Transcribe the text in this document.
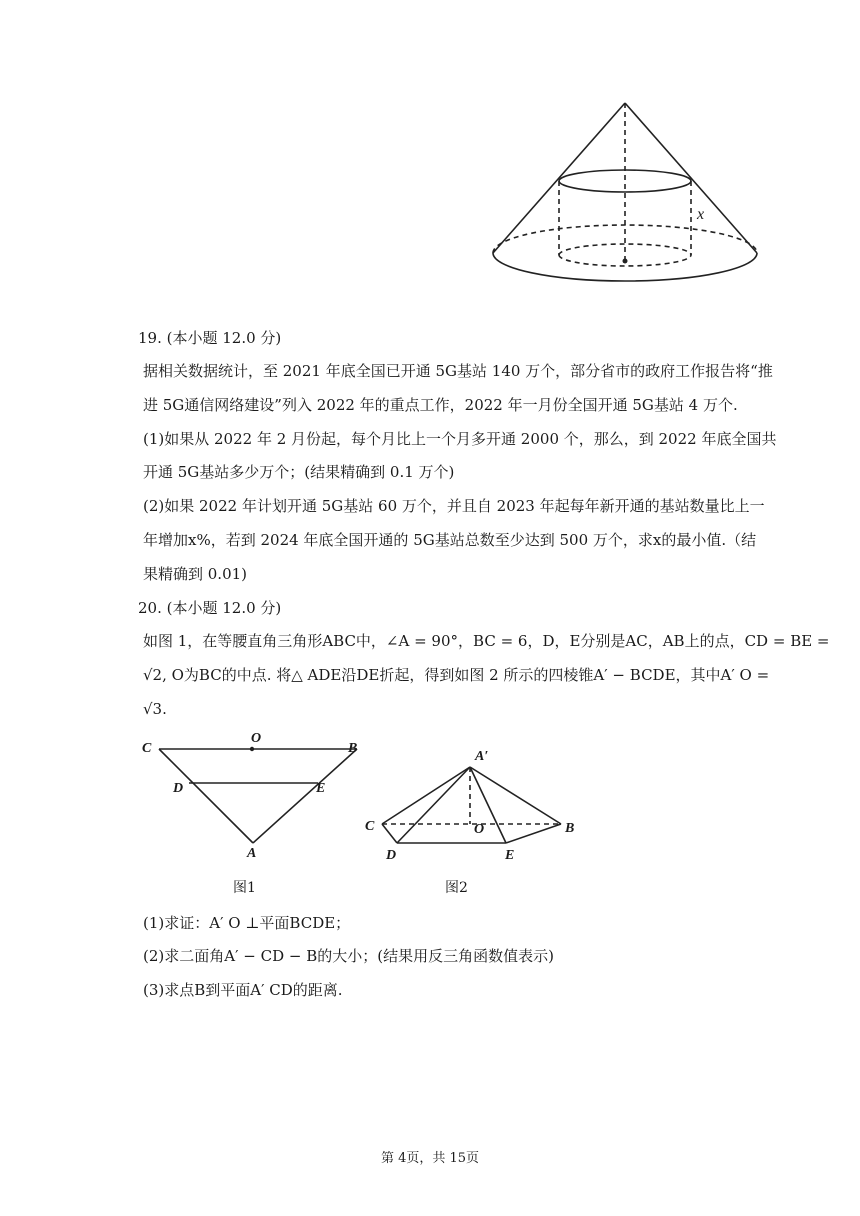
x
19. (本小题 12.0 分)
据相关数据统计，至 2021 年底全国已开通 5G基站 140 万个，部分省市的政府工作报告将“推
进 5G通信网络建设”列入 2022 年的重点工作，2022 年一月份全国开通 5G基站 4 万个.
(1)如果从 2022 年 2 月份起，每个月比上一个月多开通 2000 个，那么，到 2022 年底全国共
开通 5G基站多少万个；(结果精确到 0.1 万个)
(2)如果 2022 年计划开通 5G基站 60 万个，并且自 2023 年起每年新开通的基站数量比上一
年增加x%，若到 2024 年底全国开通的 5G基站总数至少达到 500 万个，求x的最小值.（结
果精确到 0.01)
20. (本小题 12.0 分)
如图 1，在等腰直角三角形ABC中，∠A = 90°，BC = 6，D，E分别是AC，AB上的点，CD = BE =
√2, O为BC的中点. 将△ ADE沿DE折起，得到如图 2 所示的四棱锥A′ − BCDE，其中A′ O =
√3.
C
O
B
D	E
A
图1
A′
C	O	B
D	E
图2
(1)求证：A′ O ⊥平面BCDE；
(2)求二面角A′ − CD − B的大小；(结果用反三角函数值表示)
(3)求点B到平面A′ CD的距离.
第 4页，共 15页
